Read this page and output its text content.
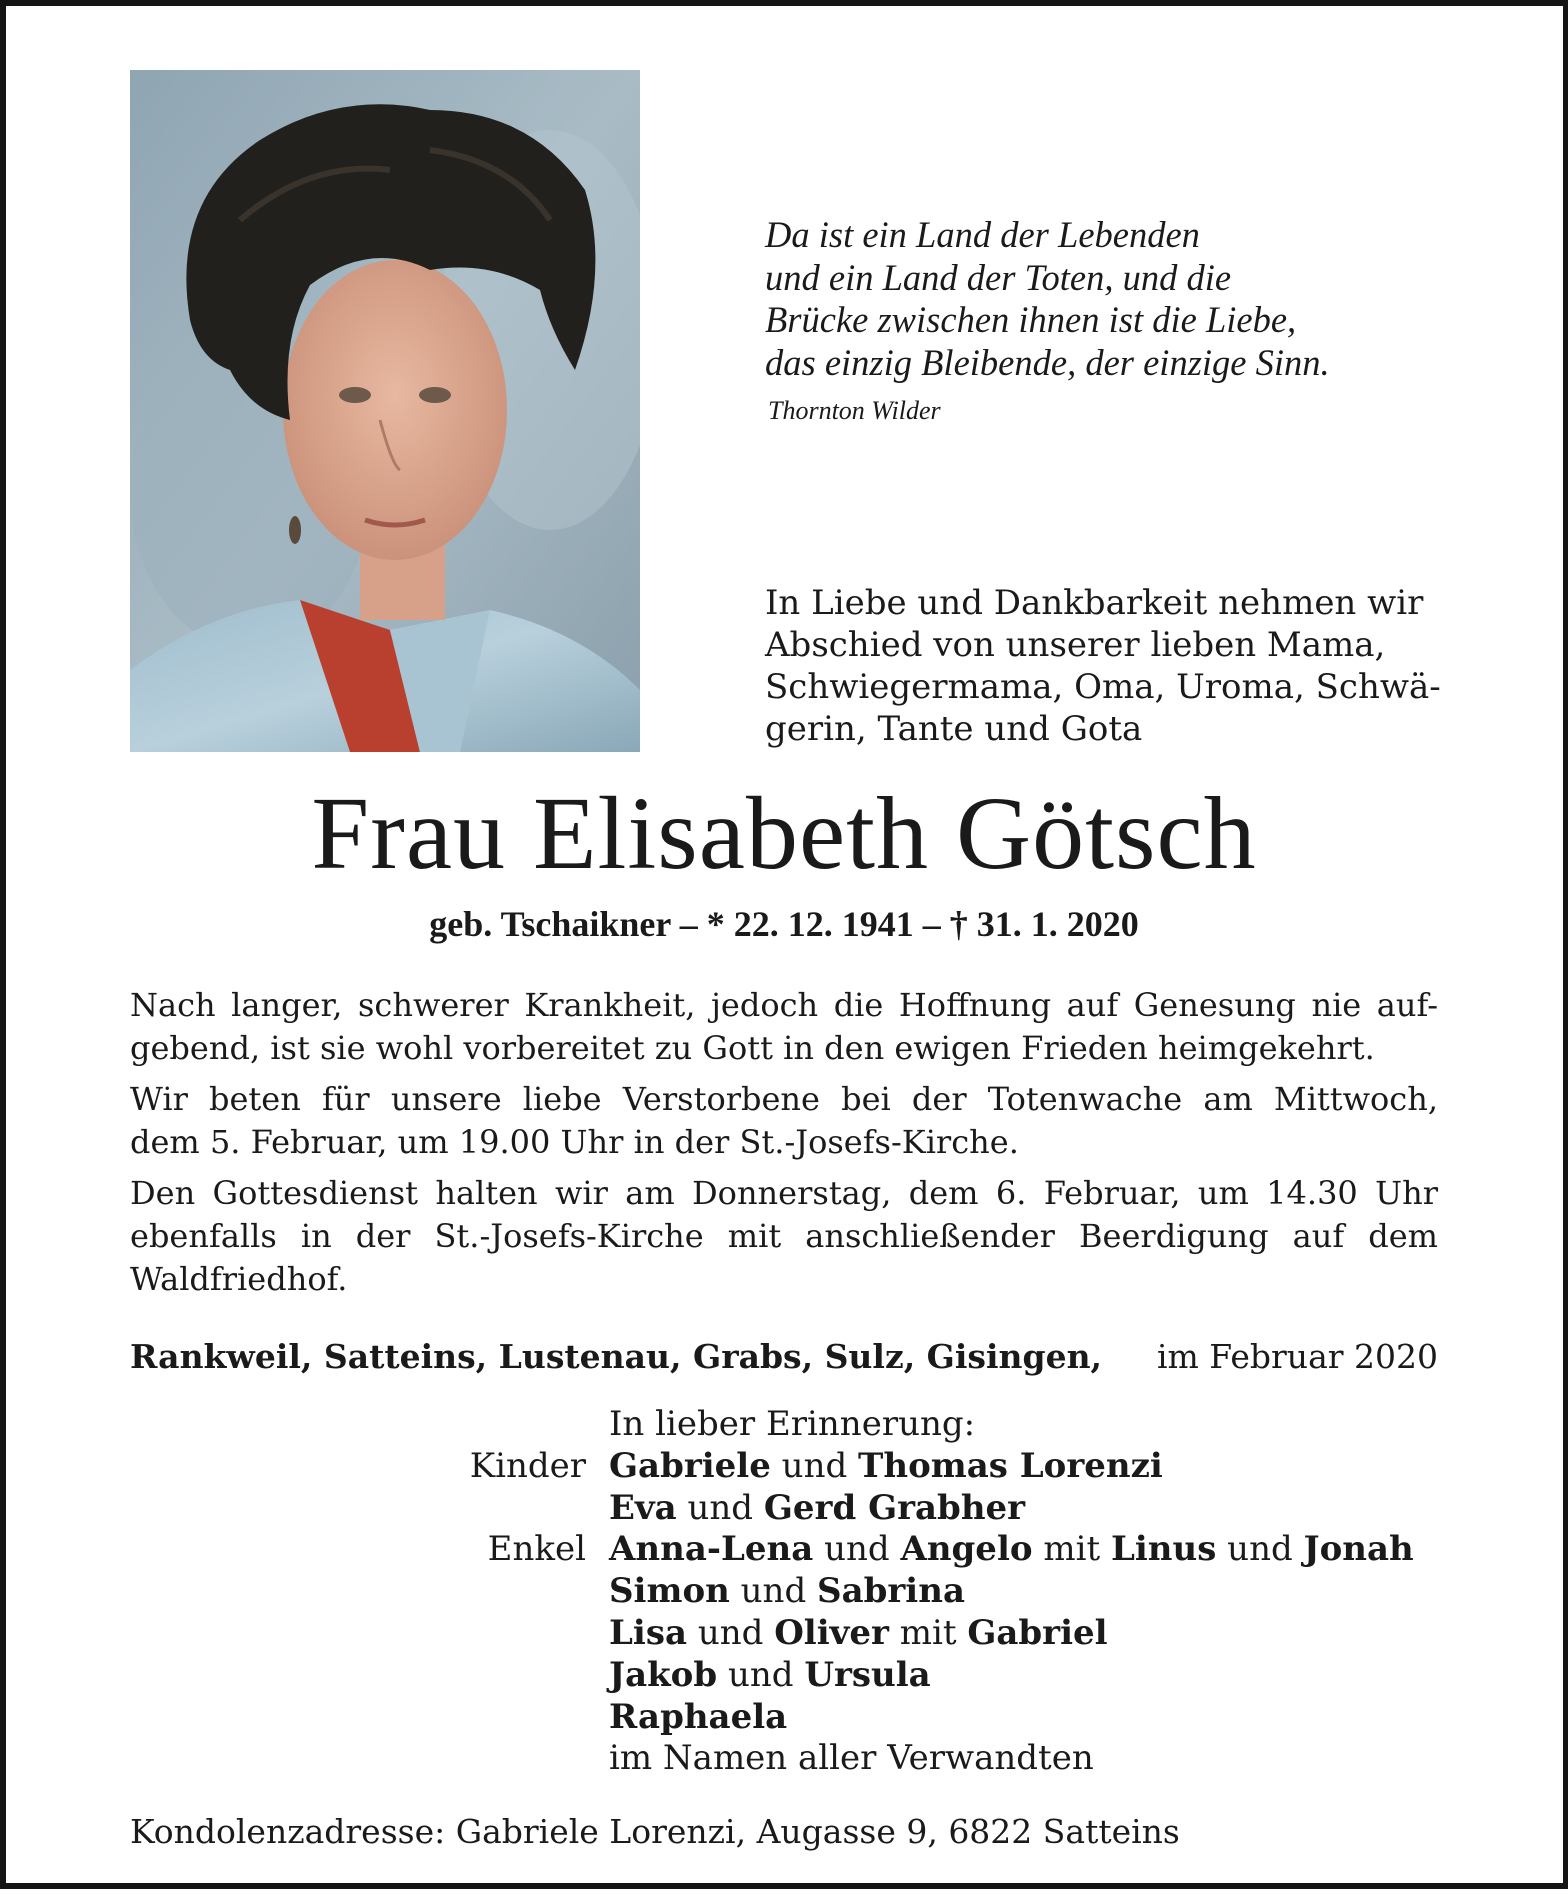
Da ist ein Land der Lebenden
und ein Land der Toten, und die
Brücke zwischen ihnen ist die Liebe,
das einzig Bleibende, der einzige Sinn.
Thornton Wilder
In Liebe und Dankbarkeit nehmen wir
Abschied von unserer lieben Mama,
Schwiegermama, Oma, Uroma, Schwä-
gerin, Tante und Gota
Frau Elisabeth Götsch
geb. Tschaikner – * 22. 12. 1941 – † 31. 1. 2020

Nach langer, schwerer Krankheit, jedoch die Hoffnung auf Genesung nie auf-
gebend, ist sie wohl vorbereitet zu Gott in den ewigen Frieden heimgekehrt.

Wir beten für unsere liebe Verstorbene bei der Totenwache am Mittwoch,
dem 5. Februar, um 19.00 Uhr in der St.-Josefs-Kirche.

Den Gottesdienst halten wir am Donnerstag, dem 6. Februar, um 14.30 Uhr
ebenfalls in der St.-Josefs-Kirche mit anschließender Beerdigung auf dem
Waldfriedhof.

Rankweil, Satteins, Lustenau, Grabs, Sulz, Gisingen, im Februar 2020
In lieber Erinnerung:
Kinder Gabriele und Thomas Lorenzi
Eva und Gerd Grabher
Enkel Anna-Lena und Angelo mit Linus und Jonah
Simon und Sabrina
Lisa und Oliver mit Gabriel
Jakob und Ursula
Raphaela
im Namen aller Verwandten
Kondolenzadresse: Gabriele Lorenzi, Augasse 9, 6822 Satteins
